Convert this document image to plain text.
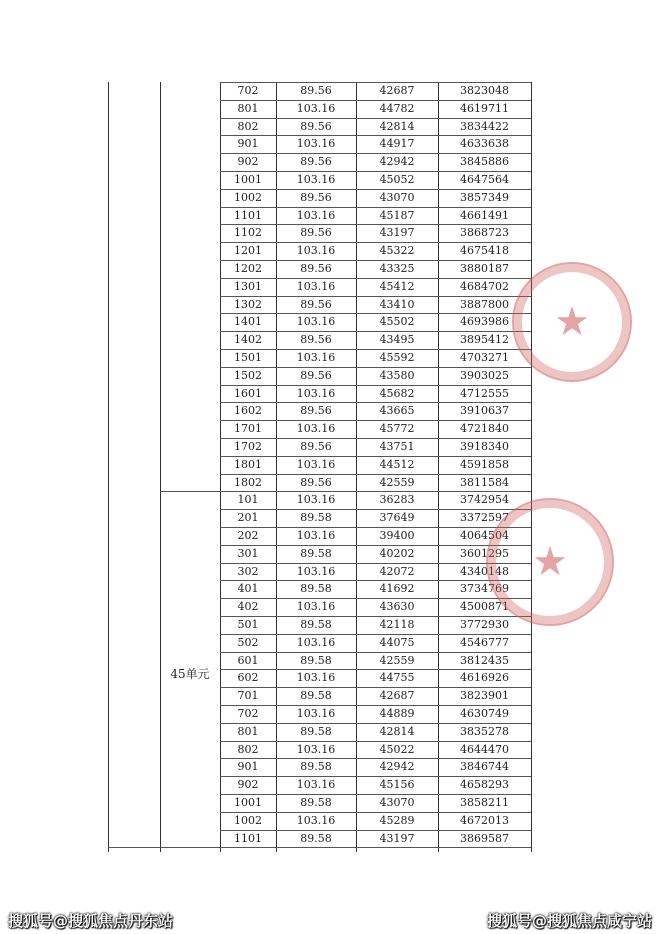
702	89.56	42687	3823048
801	103.16	44782	4619711
802	89.56	42814	3834422
901	103.16	44917	4633638
902	89.56	42942	3845886
1001	103.16	45052	4647564
1002	89.56	43070	3857349
1101	103.16	45187	4661491
1102	89.56	43197	3868723
1201	103.16	45322	4675418
1202	89.56	43325	3880187
1301	103.16	45412	4684702
1302	89.56	43410	3887800
1401	103.16	45502	4693986
1402	89.56	43495	3895412
1501	103.16	45592	4703271
1502	89.56	43580	3903025
1601	103.16	45682	4712555
1602	89.56	43665	3910637
1701	103.16	45772	4721840
1702	89.56	43751	3918340
1801	103.16	44512	4591858
1802	89.56	42559	3811584
101	103.16	36283	3742954
201	89.58	37649	3372597
202	103.16	39400	4064504
301	89.58	40202	3601295
302	103.16	42072	4340148
401	89.58	41692	3734769
402	103.16	43630	4500871
501	89.58	42118	3772930
502	103.16	44075	4546777
601	89.58	42559	3812435
602	103.16	44755	4616926
701	89.58	42687	3823901
702	103.16	44889	4630749
801	89.58	42814	3835278
802	103.16	45022	4644470
901	89.58	42942	3846744
902	103.16	45156	4658293
1001	89.58	43070	3858211
1002	103.16	45289	4672013
1101	89.58	43197	3869587
45单元
★
★
搜狐号@搜狐焦点丹东站	搜狐号@搜狐焦点咸宁站
